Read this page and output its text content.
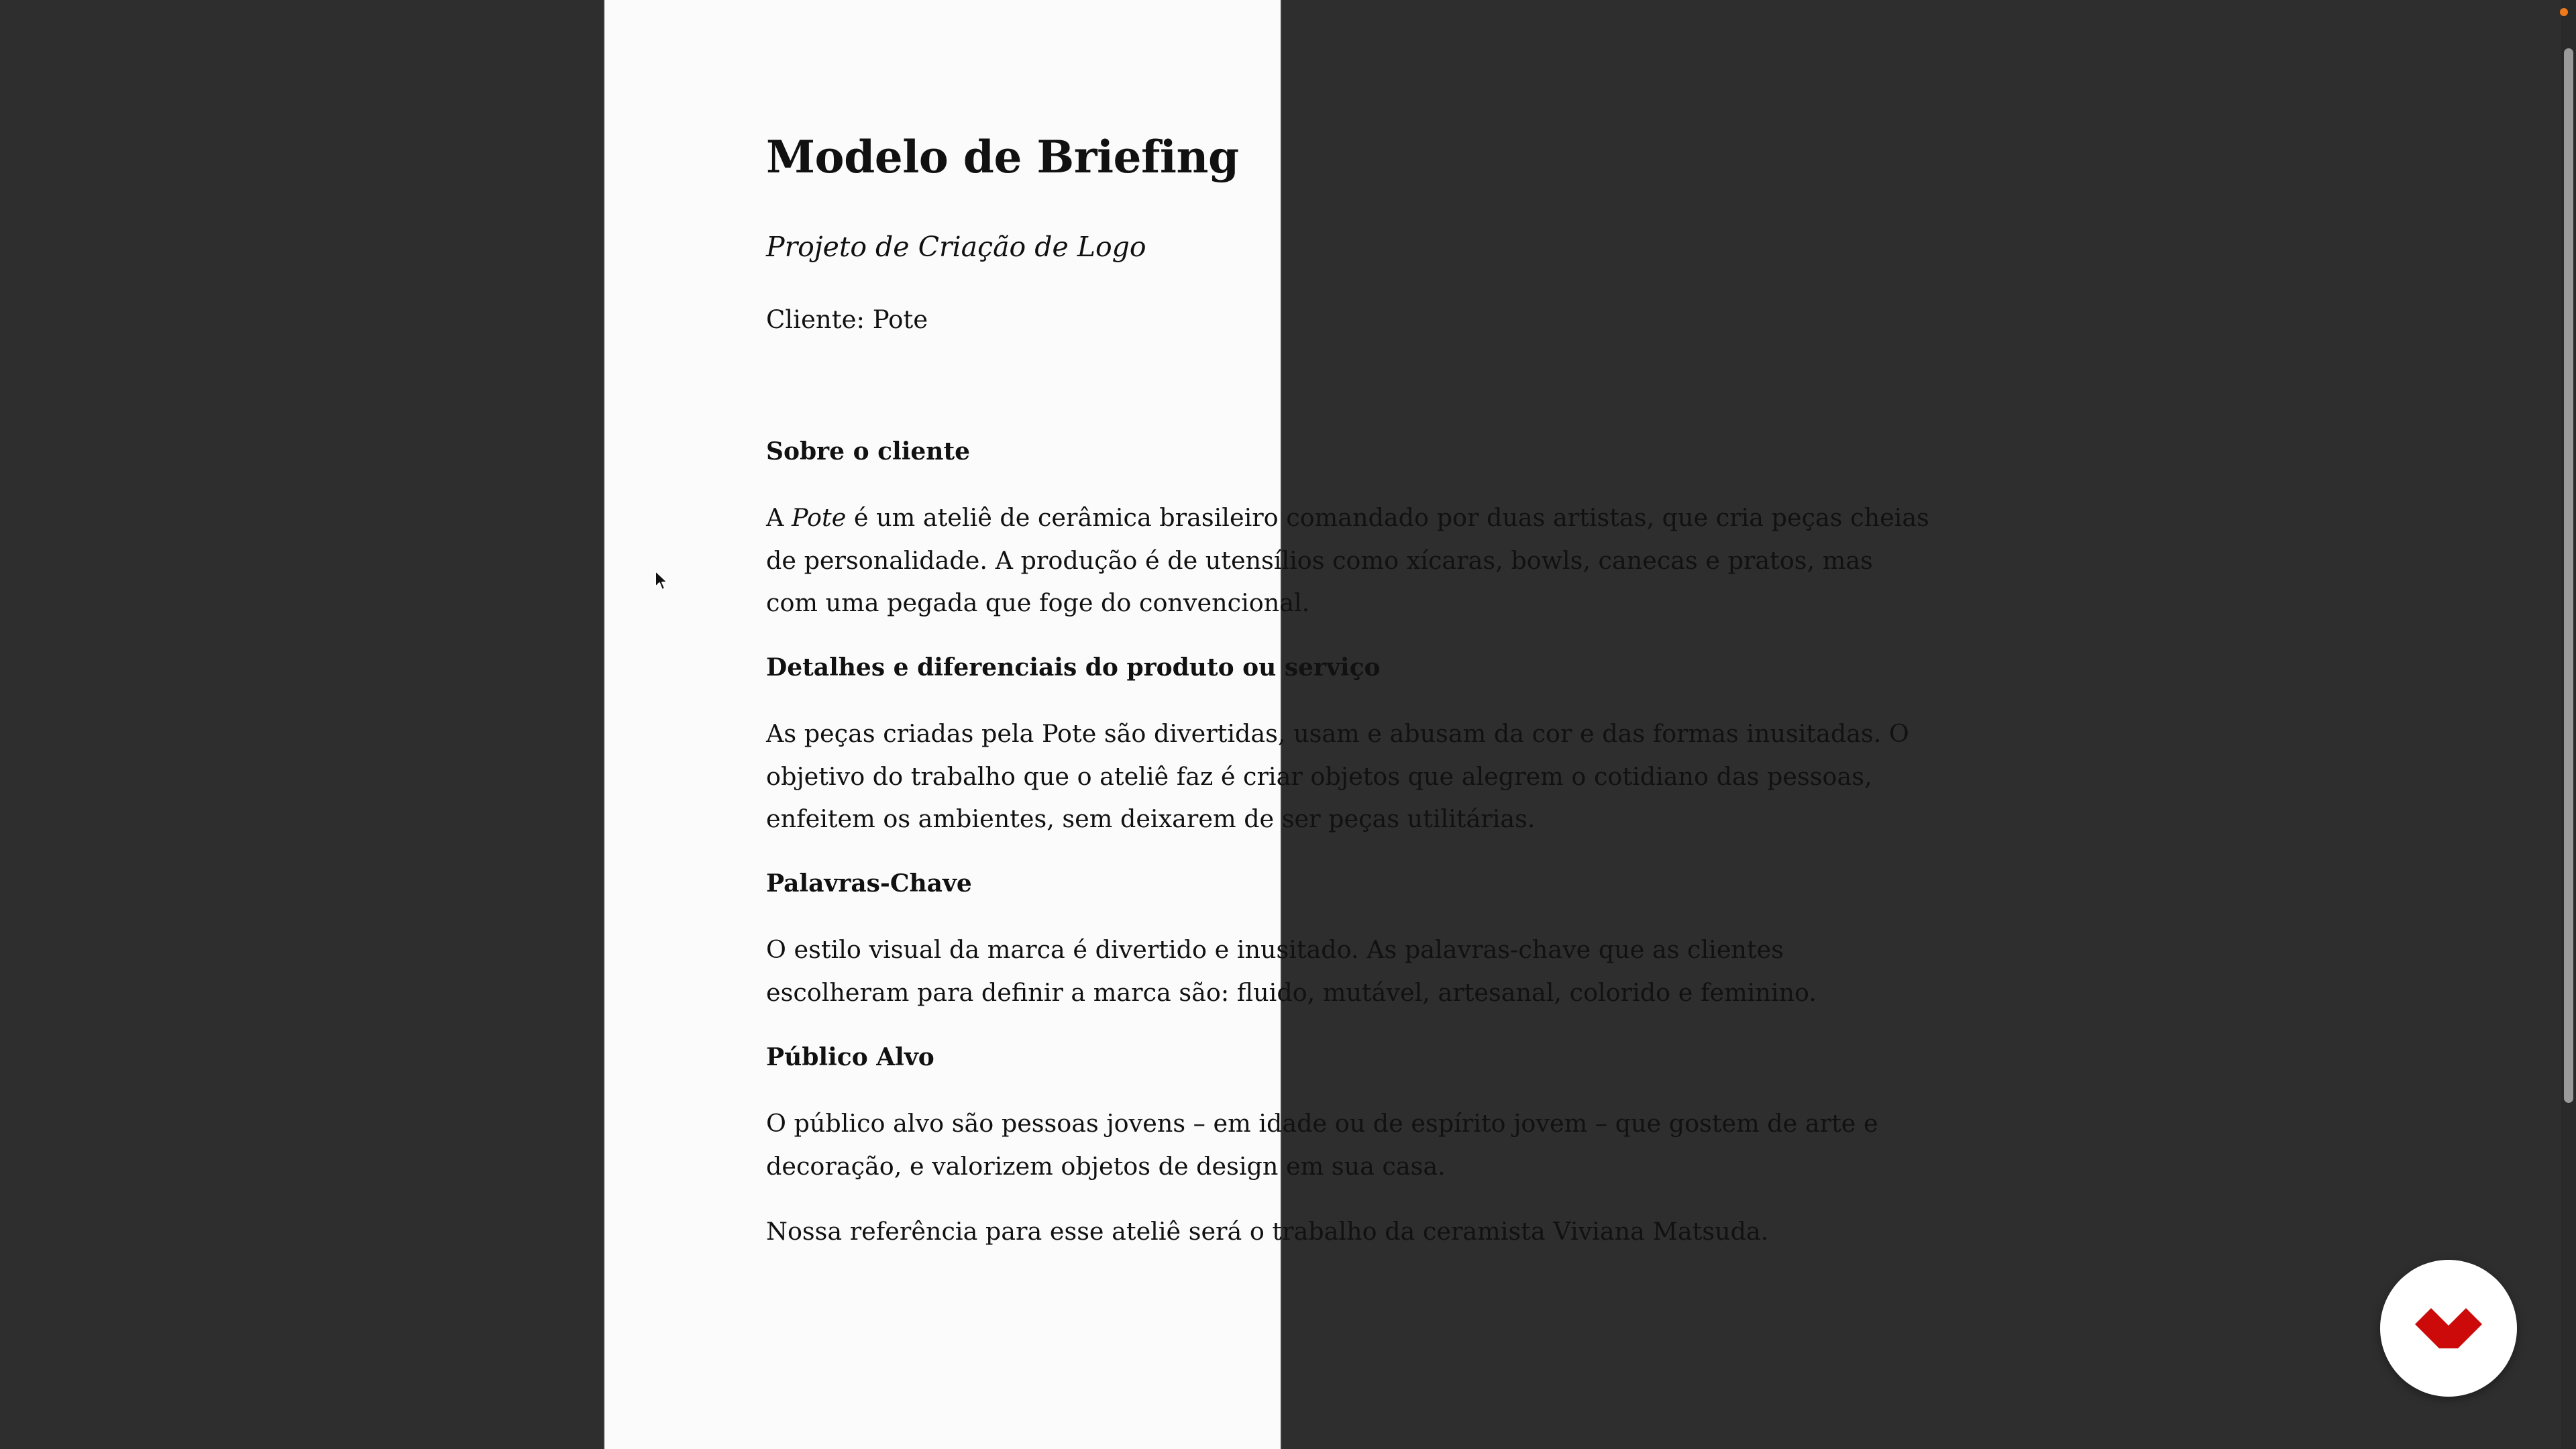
Modelo de Briefing
Projeto de Criação de Logo
Cliente: Pote
Sobre o cliente
A Pote é um ateliê de cerâmica brasileiro comandado por duas artistas, que cria peças cheias
de personalidade. A produção é de utensílios como xícaras, bowls, canecas e pratos, mas
com uma pegada que foge do convencional.
Detalhes e diferenciais do produto ou serviço
As peças criadas pela Pote são divertidas, usam e abusam da cor e das formas inusitadas. O
objetivo do trabalho que o ateliê faz é criar objetos que alegrem o cotidiano das pessoas,
enfeitem os ambientes, sem deixarem de ser peças utilitárias.
Palavras-Chave
O estilo visual da marca é divertido e inusitado. As palavras-chave que as clientes
escolheram para definir a marca são: fluido, mutável, artesanal, colorido e feminino.
Público Alvo
O público alvo são pessoas jovens – em idade ou de espírito jovem – que gostem de arte e
decoração, e valorizem objetos de design em sua casa.
Nossa referência para esse ateliê será o trabalho da ceramista Viviana Matsuda.
